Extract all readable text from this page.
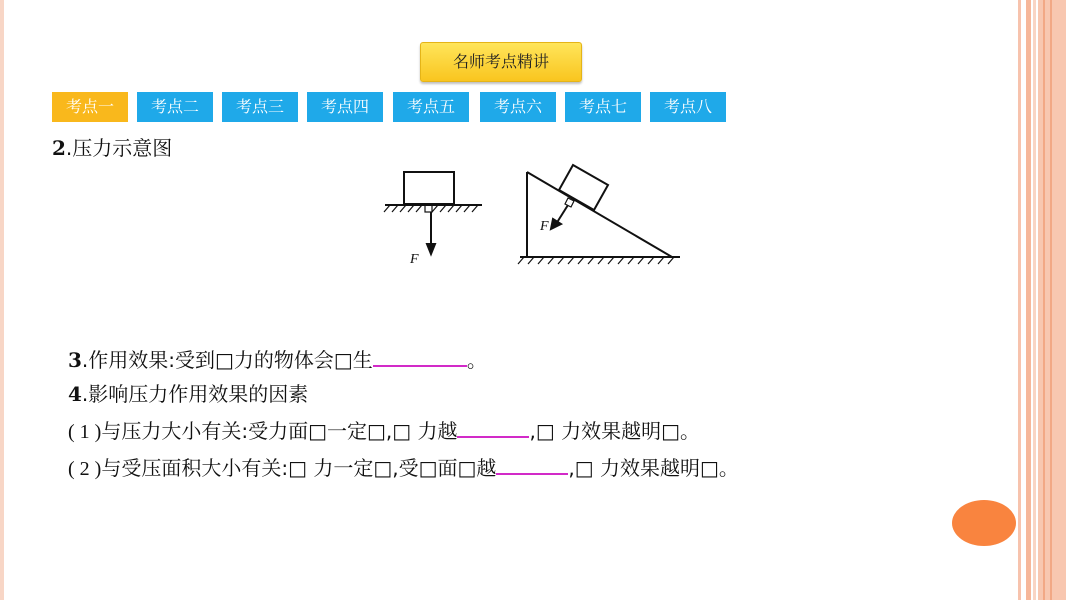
名师考点精讲
考点一	考点二	考点三	考点四	考点五	考点六	考点七	考点八
2.压力示意图
F
F
3.作用效果:受到□力的物体会□生	。
4.影响压力作用效果的因素
( 1 )与压力大小有关:受力面□一定□,□ 力越	,□ 力效果越明□。
( 2 )与受压面积大小有关:□ 力一定□,受□面□越	,□ 力效果越明□。
